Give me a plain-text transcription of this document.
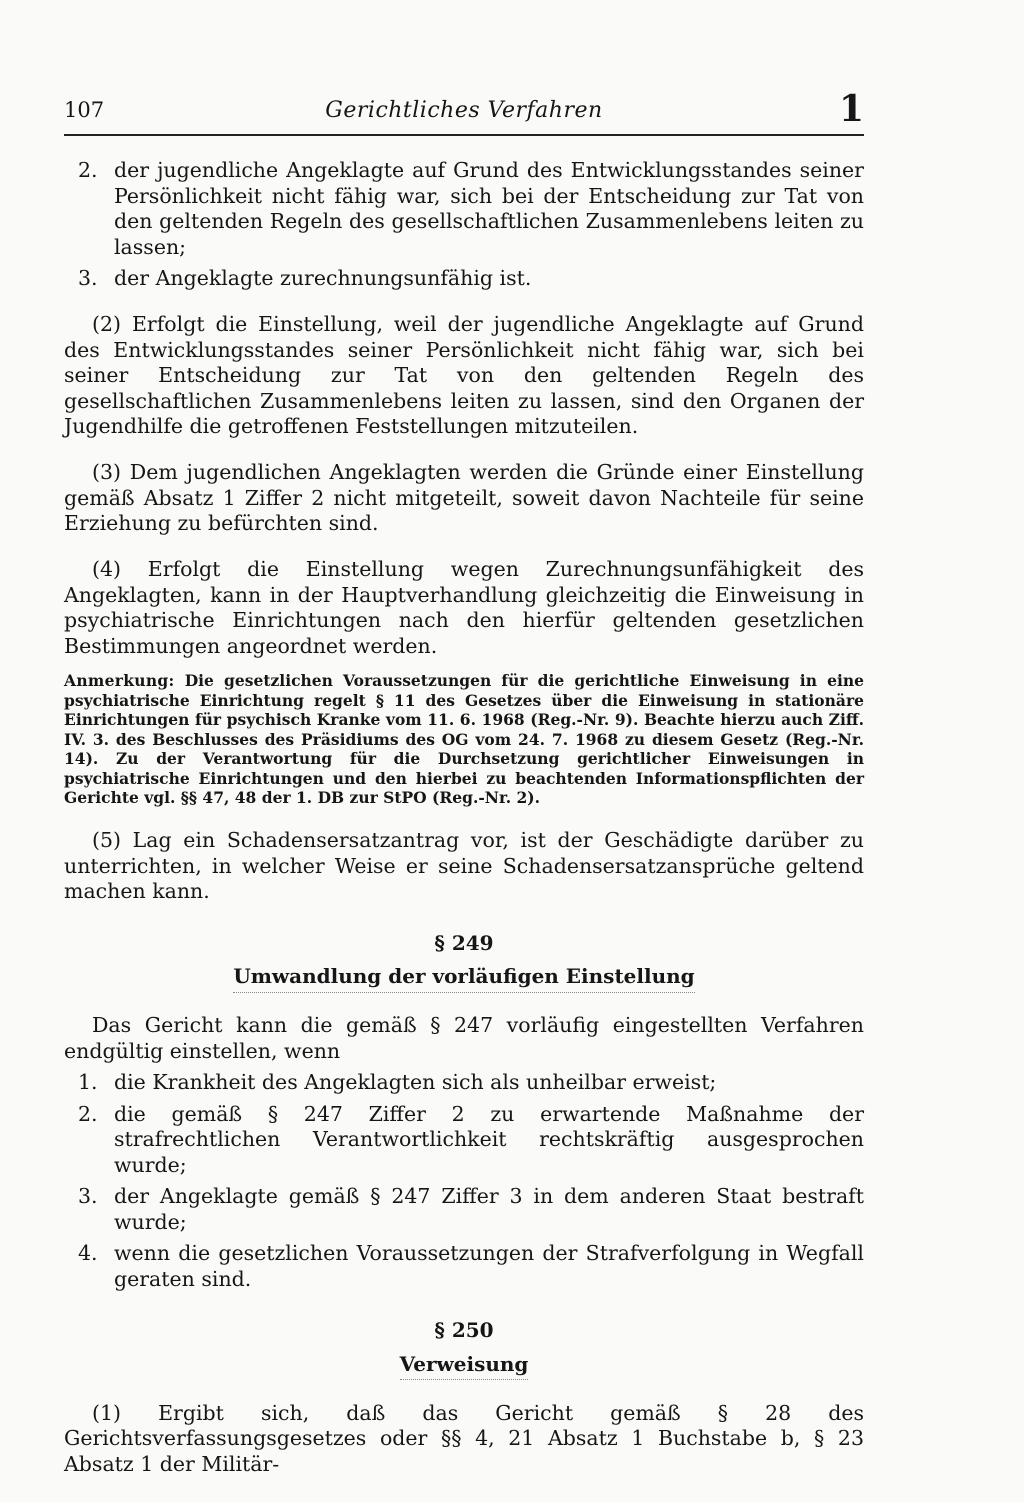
107	Gerichtliches Verfahren	1
2. der jugendliche Angeklagte auf Grund des Entwicklungsstandes seiner Persönlichkeit nicht fähig war, sich bei der Entscheidung zur Tat von den geltenden Regeln des gesellschaftlichen Zusammenlebens leiten zu lassen;
3. der Angeklagte zurechnungsunfähig ist.

(2) Erfolgt die Einstellung, weil der jugendliche Angeklagte auf Grund des Entwicklungsstandes seiner Persönlichkeit nicht fähig war, sich bei seiner Entscheidung zur Tat von den geltenden Regeln des gesellschaftlichen Zusammenlebens leiten zu lassen, sind den Organen der Jugendhilfe die getroffenen Feststellungen mitzuteilen.

(3) Dem jugendlichen Angeklagten werden die Gründe einer Einstellung gemäß Absatz 1 Ziffer 2 nicht mitgeteilt, soweit davon Nachteile für seine Erziehung zu befürchten sind.

(4) Erfolgt die Einstellung wegen Zurechnungsunfähigkeit des Angeklagten, kann in der Hauptverhandlung gleichzeitig die Einweisung in psychiatrische Einrichtungen nach den hierfür geltenden gesetzlichen Bestimmungen angeordnet werden.

Anmerkung: Die gesetzlichen Voraussetzungen für die gerichtliche Einweisung in eine psychiatrische Einrichtung regelt § 11 des Gesetzes über die Einweisung in stationäre Einrichtungen für psychisch Kranke vom 11. 6. 1968 (Reg.-Nr. 9). Beachte hierzu auch Ziff. IV. 3. des Beschlusses des Präsidiums des OG vom 24. 7. 1968 zu diesem Gesetz (Reg.-Nr. 14). Zu der Verantwortung für die Durchsetzung gerichtlicher Einweisungen in psychiatrische Einrichtungen und den hierbei zu beachtenden Informationspflichten der Gerichte vgl. §§ 47, 48 der 1. DB zur StPO (Reg.-Nr. 2).

(5) Lag ein Schadensersatzantrag vor, ist der Geschädigte darüber zu unterrichten, in welcher Weise er seine Schadensersatzansprüche geltend machen kann.

§ 249
Umwandlung der vorläufigen Einstellung

Das Gericht kann die gemäß § 247 vorläufig eingestellten Verfahren endgültig einstellen, wenn

1. die Krankheit des Angeklagten sich als unheilbar erweist;
2. die gemäß § 247 Ziffer 2 zu erwartende Maßnahme der strafrechtlichen Verantwortlichkeit rechtskräftig ausgesprochen wurde;
3. der Angeklagte gemäß § 247 Ziffer 3 in dem anderen Staat bestraft wurde;
4. wenn die gesetzlichen Voraussetzungen der Strafverfolgung in Wegfall geraten sind.
§ 250
Verweisung

(1) Ergibt sich, daß das Gericht gemäß § 28 des Gerichtsverfassungsgesetzes oder §§ 4, 21 Absatz 1 Buchstabe b, § 23 Absatz 1 der Militär-
